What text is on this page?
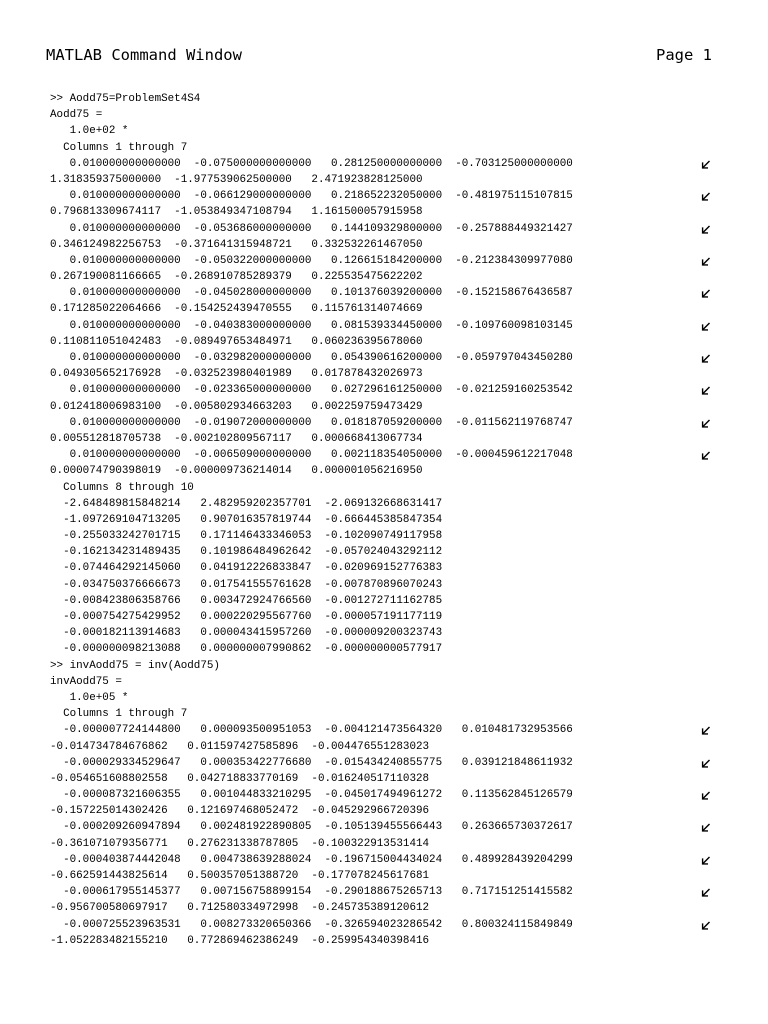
MATLAB Command Window	Page 1
>> Aodd75=ProblemSet4S4
Aodd75 =
1.0e+02 *
Columns 1 through 7
0.010000000000000  -0.075000000000000   0.281250000000000  -0.703125000000000
1.318359375000000  -1.977539062500000   2.471923828125000
0.010000000000000  -0.066129000000000   0.218652232050000  -0.481975115107815
0.796813309674117  -1.053849347108794   1.161500057915958
0.010000000000000  -0.053686000000000   0.144109329800000  -0.257888449321427
0.346124982256753  -0.371641315948721   0.332532261467050
0.010000000000000  -0.050322000000000   0.126615184200000  -0.212384309977080
0.267190081166665  -0.268910785289379   0.225535475622202
0.010000000000000  -0.045028000000000   0.101376039200000  -0.152158676436587
0.171285022064666  -0.154252439470555   0.115761314074669
0.010000000000000  -0.040383000000000   0.081539334450000  -0.109760098103145
0.110811051042483  -0.089497653484971   0.060236395678060
0.010000000000000  -0.032982000000000   0.054390616200000  -0.059797043450280
0.049305652176928  -0.032523980401989   0.017878432026973
0.010000000000000  -0.023365000000000   0.027296161250000  -0.021259160253542
0.012418006983100  -0.005802934663203   0.002259759473429
0.010000000000000  -0.019072000000000   0.018187059200000  -0.011562119768747
0.005512818705738  -0.002102809567117   0.000668413067734
0.010000000000000  -0.006509000000000   0.002118354050000  -0.000459612217048
0.000074790398019  -0.000009736214014   0.000001056216950
Columns 8 through 10
-2.648489815848214   2.482959202357701  -2.069132668631417
-1.097269104713205   0.907016357819744  -0.666445385847354
-0.255033242701715   0.171146433346053  -0.102090749117958
-0.162134231489435   0.101986484962642  -0.057024043292112
-0.074464292145060   0.041912226833847  -0.020969152776383
-0.034750376666673   0.017541555761628  -0.007870896070243
-0.008423806358766   0.003472924766560  -0.001272711162785
-0.000754275429952   0.000220295567760  -0.000057191177119
-0.000182113914683   0.000043415957260  -0.000009200323743
-0.000000098213088   0.000000007990862  -0.000000000577917
>> invAodd75 = inv(Aodd75)
invAodd75 =
1.0e+05 *
Columns 1 through 7
-0.000007724144800   0.000093500951053  -0.004121473564320   0.010481732953566
-0.014734784676862   0.011597427585896  -0.004476551283023
-0.000029334529647   0.000353422776680  -0.015434240855775   0.039121848611932
-0.054651608802558   0.042718833770169  -0.016240517110328
-0.000087321606355   0.001044833210295  -0.045017494961272   0.113562845126579
-0.157225014302426   0.121697468052472  -0.045292966720396
-0.000209260947894   0.002481922890805  -0.105139455566443   0.263665730372617
-0.361071079356771   0.276231338787805  -0.100322913531414
-0.000403874442048   0.004738639288024  -0.196715004434024   0.489928439204299
-0.662591443825614   0.500357051388720  -0.177078245617681
-0.000617955145377   0.007156758899154  -0.290188675265713   0.717151251415582
-0.956700580697917   0.712580334972998  -0.245735389120612
-0.000725523963531   0.008273320650366  -0.326594023286542   0.800324115849849
-1.052283482155210   0.772869462386249  -0.259954340398416
